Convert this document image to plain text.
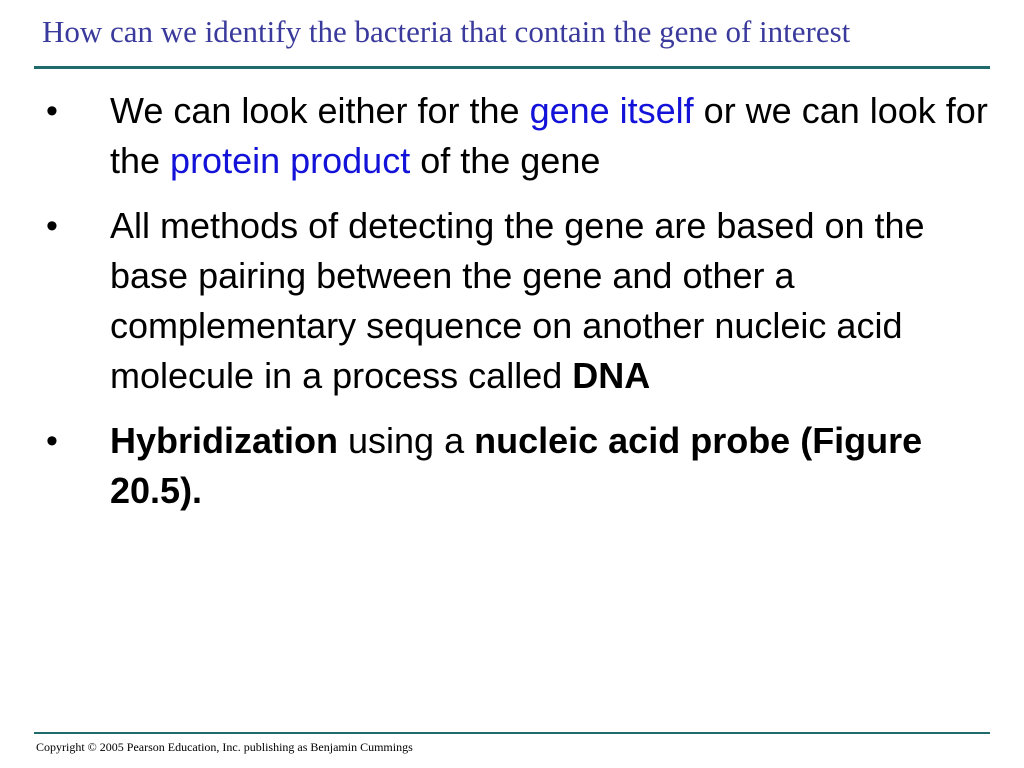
How can we identify the bacteria that contain the gene of interest
• We can look either for the gene itself or we can look for the protein product of the gene
• All methods of detecting the gene are based on the base pairing between the gene and other a complementary sequence on another nucleic acid molecule in a process called DNA
• Hybridization using a nucleic acid probe (Figure 20.5).
Copyright © 2005 Pearson Education, Inc. publishing as Benjamin Cummings
